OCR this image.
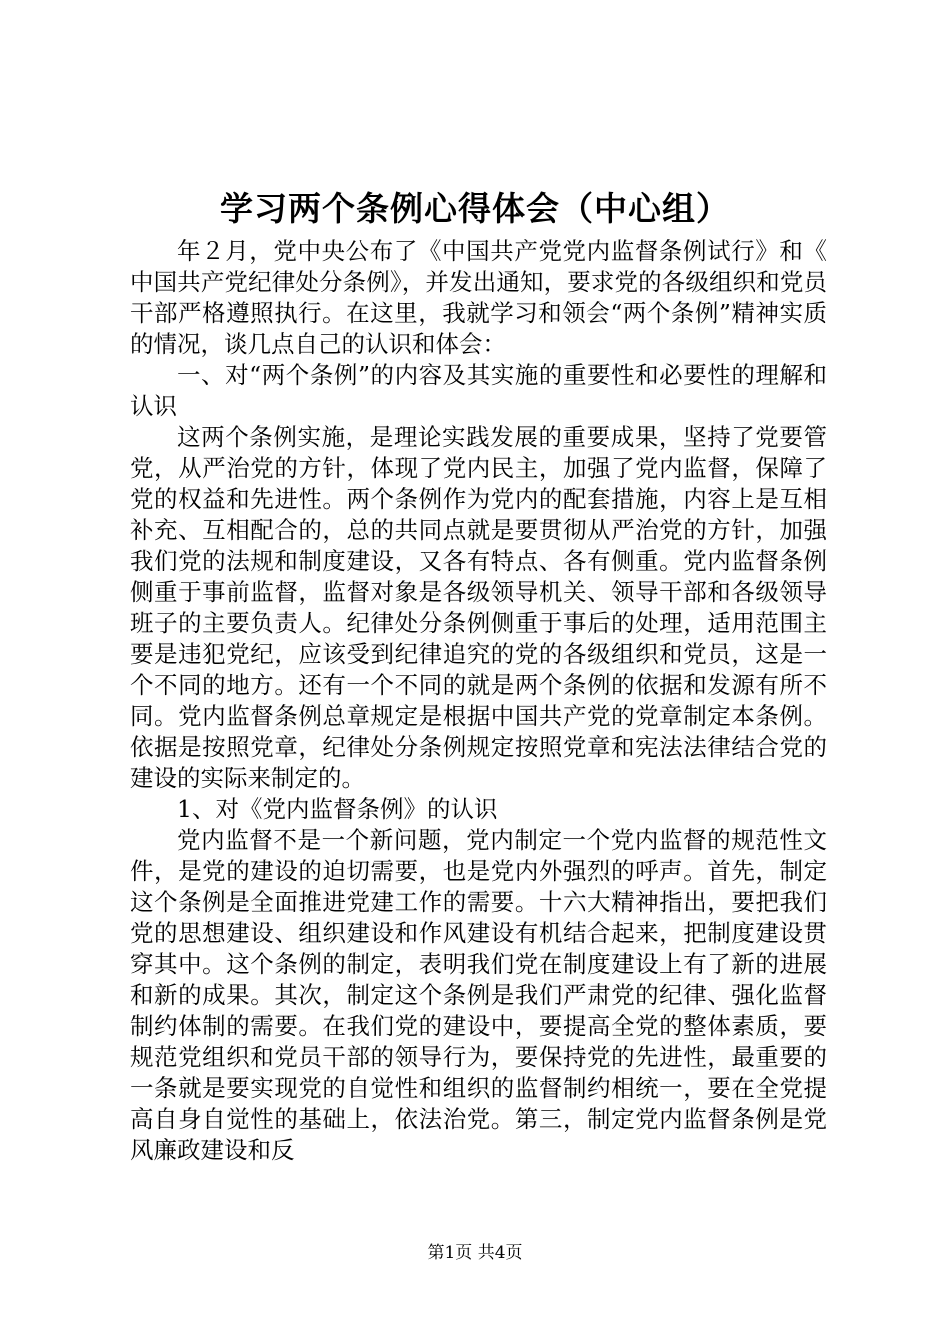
学习两个条例心得体会（中心组）

年２月，党中央公布了《中国共产党党内监督条例试行》和《中国共产党纪律处分条例》，并发出通知，要求党的各级组织和党员干部严格遵照执行。在这里，我就学习和领会“两个条例”精神实质的情况，谈几点自己的认识和体会：

一、对“两个条例”的内容及其实施的重要性和必要性的理解和认识

这两个条例实施，是理论实践发展的重要成果，坚持了党要管党，从严治党的方针，体现了党内民主，加强了党内监督，保障了党的权益和先进性。两个条例作为党内的配套措施，内容上是互相补充、互相配合的，总的共同点就是要贯彻从严治党的方针，加强我们党的法规和制度建设，又各有特点、各有侧重。党内监督条例侧重于事前监督，监督对象是各级领导机关、领导干部和各级领导班子的主要负责人。纪律处分条例侧重于事后的处理，适用范围主要是违犯党纪，应该受到纪律追究的党的各级组织和党员，这是一个不同的地方。还有一个不同的就是两个条例的依据和发源有所不同。党内监督条例总章规定是根据中国共产党的党章制定本条例。依据是按照党章，纪律处分条例规定按照党章和宪法法律结合党的建设的实际来制定的。

1、对《党内监督条例》的认识

党内监督不是一个新问题，党内制定一个党内监督的规范性文件，是党的建设的迫切需要，也是党内外强烈的呼声。首先，制定这个条例是全面推进党建工作的需要。十六大精神指出，要把我们党的思想建设、组织建设和作风建设有机结合起来，把制度建设贯穿其中。这个条例的制定，表明我们党在制度建设上有了新的进展和新的成果。其次，制定这个条例是我们严肃党的纪律、强化监督制约体制的需要。在我们党的建设中，要提高全党的整体素质，要规范党组织和党员干部的领导行为，要保持党的先进性，最重要的一条就是要实现党的自觉性和组织的监督制约相统一，要在全党提高自身自觉性的基础上，依法治党。第三，制定党内监督条例是党风廉政建设和反

第1页 共4页
